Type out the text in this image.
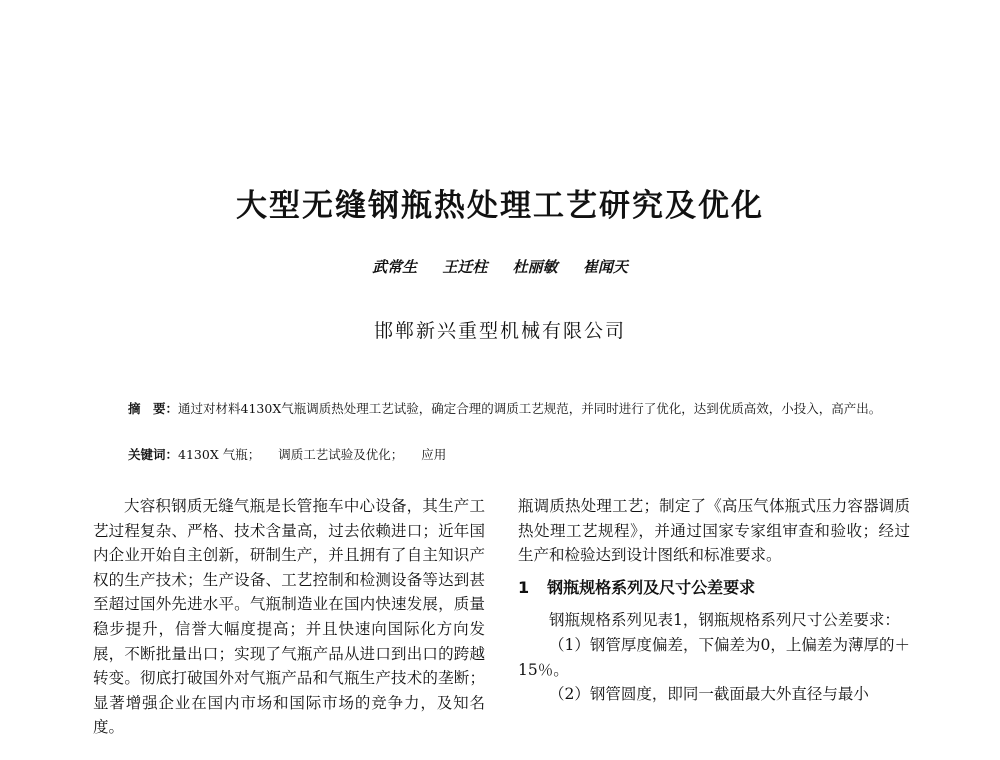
大型无缝钢瓶热处理工艺研究及优化
武常生 王迁柱 杜丽敏 崔闻天
邯郸新兴重型机械有限公司
摘　要：通过对材料4130X气瓶调质热处理工艺试验，确定合理的调质工艺规范，并同时进行了优化，达到优质高效，小投入，高产出。
关键词：4130X 气瓶； 调质工艺试验及优化； 应用

大容积钢质无缝气瓶是长管拖车中心设备，其生产工艺过程复杂、严格、技术含量高，过去依赖进口；近年国内企业开始自主创新，研制生产，并且拥有了自主知识产权的生产技术；生产设备、工艺控制和检测设备等达到甚至超过国外先进水平。气瓶制造业在国内快速发展，质量稳步提升，信誉大幅度提高；并且快速向国际化方向发展，不断批量出口；实现了气瓶产品从进口到出口的跨越转变。彻底打破国外对气瓶产品和气瓶生产技术的垄断；显著增强企业在国内市场和国际市场的竞争力，及知名度。

瓶调质热处理工艺；制定了《高压气体瓶式压力容器调质热处理工艺规程》，并通过国家专家组审查和验收；经过生产和检验达到设计图纸和标准要求。

1 钢瓶规格系列及尺寸公差要求

钢瓶规格系列见表1，钢瓶规格系列尺寸公差要求：

（1）钢管厚度偏差，下偏差为0，上偏差为薄厚的＋15％。

（2）钢管圆度，即同一截面最大外直径与最小
